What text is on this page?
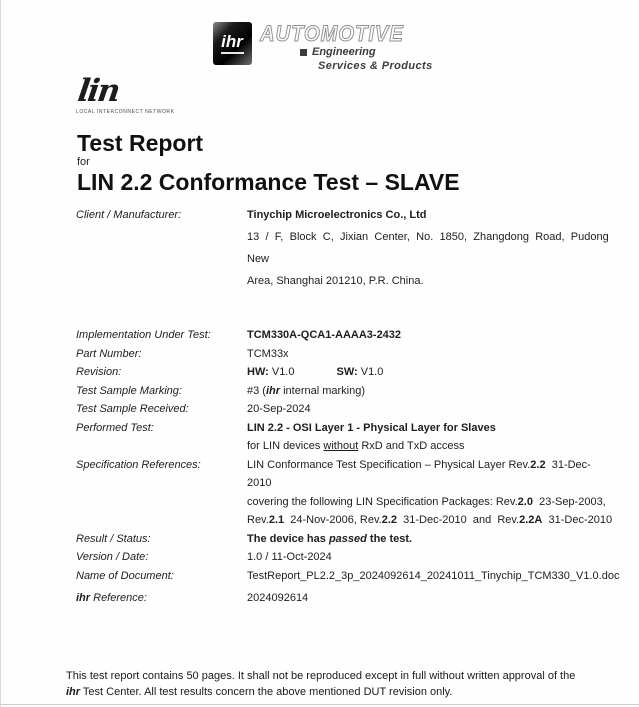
ihr AUTOMOTIVE
Engineering
Services & Products
lin
LOCAL INTERCONNECT NETWORK
Test Report
for
LIN 2.2 Conformance Test – SLAVE
Client / Manufacturer:	Tinychip Microelectronics Co., Ltd
13 / F, Block C, Jixian Center, No. 1850, Zhangdong Road, Pudong New
Area, Shanghai 201210, P.R. China.
Implementation Under Test:	TCM330A-QCA1-AAAA3-2432
Part Number:	TCM33x
Revision:	HW: V1.0	SW: V1.0
Test Sample Marking:	#3 (ihr internal marking)
Test Sample Received:	20-Sep-2024
Performed Test:	LIN 2.2 - OSI Layer 1 - Physical Layer for Slaves
for LIN devices without RxD and TxD access
Specification References:	LIN Conformance Test Specification – Physical Layer Rev.2.2  31-Dec-2010
covering the following LIN Specification Packages: Rev.2.0  23-Sep-2003,
Rev.2.1  24-Nov-2006, Rev.2.2  31-Dec-2010  and  Rev.2.2A  31-Dec-2010
Result / Status:	The device has passed the test.
Version / Date:	1.0 / 11-Oct-2024
Name of Document:	TestReport_PL2.2_3p_2024092614_20241011_Tinychip_TCM330_V1.0.doc
ihr Reference:	2024092614
This test report contains 50 pages. It shall not be reproduced except in full without written approval of the
ihr Test Center. All test results concern the above mentioned DUT revision only.
